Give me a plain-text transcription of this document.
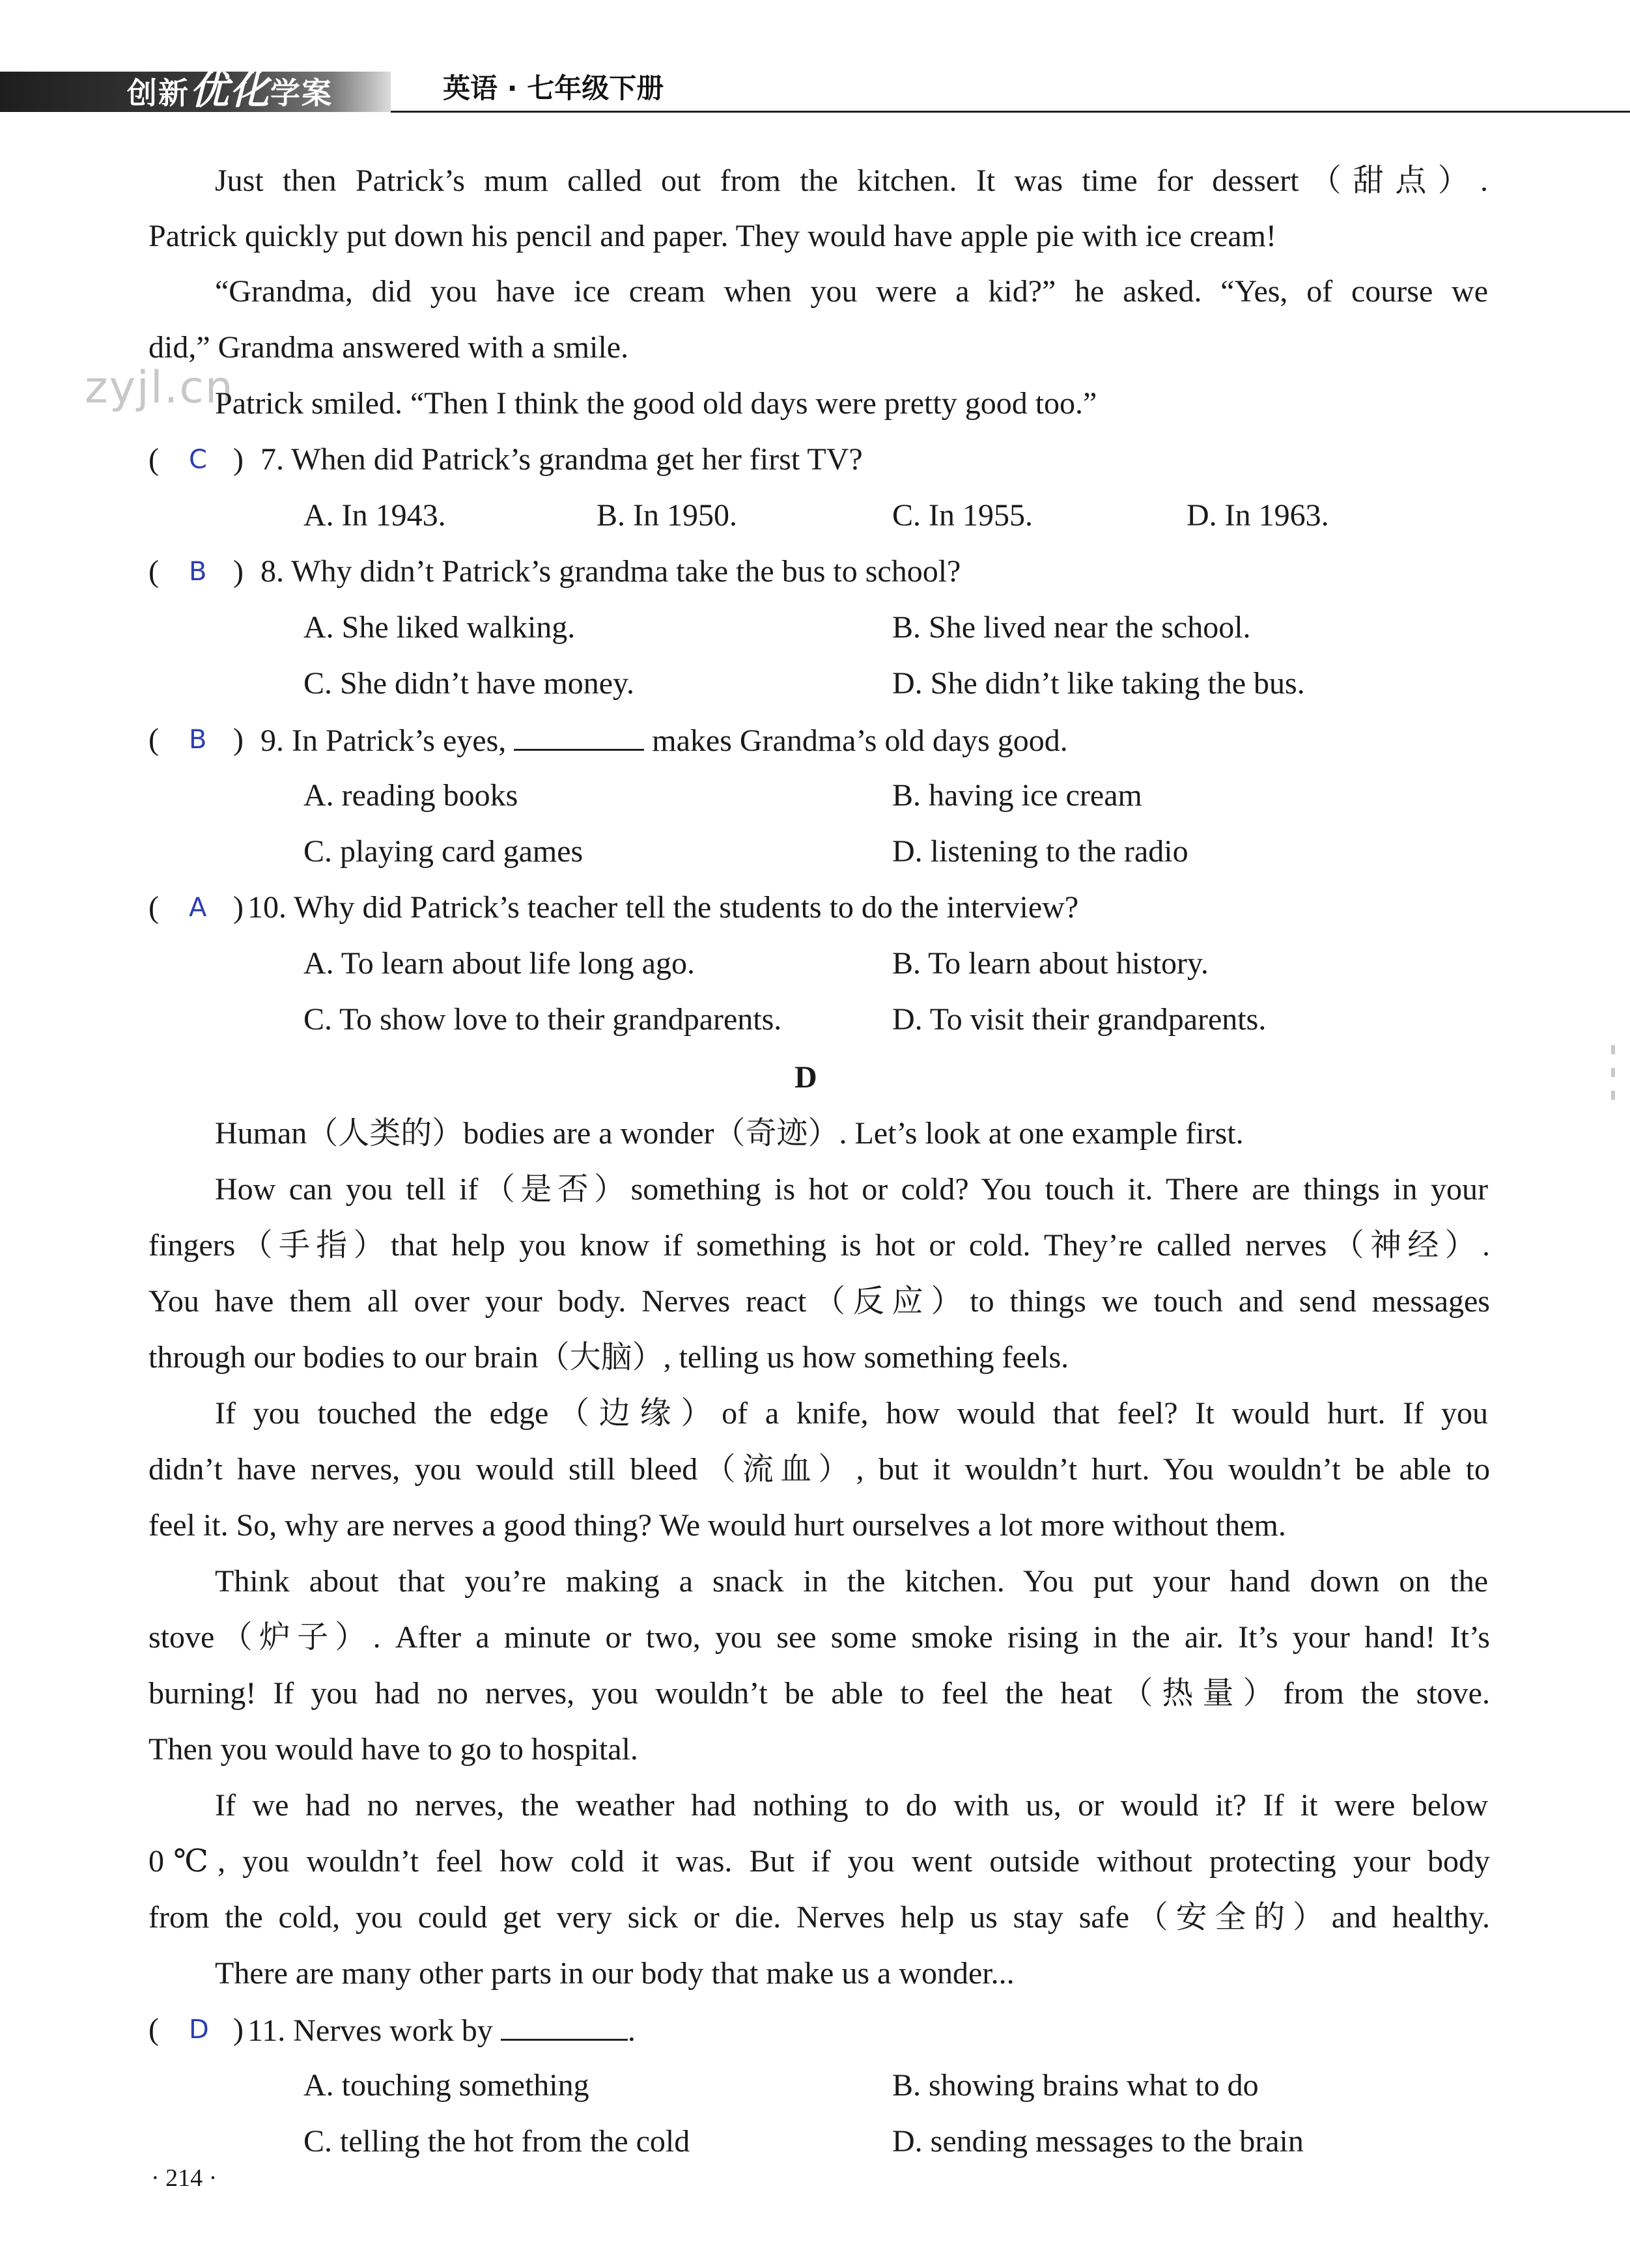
创新优化学案	英语 · 七年级下册
zyjl.cn
Just then Patrick’s mum called out from the kitchen. It was time for dessert（甜点）.
Patrick quickly put down his pencil and paper. They would have apple pie with ice cream!
“Grandma, did you have ice cream when you were a kid?” he asked. “Yes, of course we
did,” Grandma answered with a smile.
Patrick smiled. “Then I think the good old days were pretty good too.”
( C ) 7. When did Patrick’s grandma get her first TV?
A. In 1943.	B. In 1950.	C. In 1955.	D. In 1963.
( B ) 8. Why didn’t Patrick’s grandma take the bus to school?
A. She liked walking.	B. She lived near the school.
C. She didn’t have money.	D. She didn’t like taking the bus.
( B ) 9. In Patrick’s eyes,	makes Grandma’s old days good.
A. reading books	B. having ice cream
C. playing card games	D. listening to the radio
( A ) 10. Why did Patrick’s teacher tell the students to do the interview?
A. To learn about life long ago.	B. To learn about history.
C. To show love to their grandparents.	D. To visit their grandparents.
D
Human（人类的）bodies are a wonder（奇迹）. Let’s look at one example first.
How can you tell if（是否）something is hot or cold? You touch it. There are things in your
fingers（手指）that help you know if something is hot or cold. They’re called nerves（神经）.
You have them all over your body. Nerves react（反应）to things we touch and send messages
through our bodies to our brain（大脑）, telling us how something feels.
If you touched the edge（边缘）of a knife, how would that feel? It would hurt. If you
didn’t have nerves, you would still bleed（流血）, but it wouldn’t hurt. You wouldn’t be able to
feel it. So, why are nerves a good thing? We would hurt ourselves a lot more without them.
Think about that you’re making a snack in the kitchen. You put your hand down on the
stove（炉子）. After a minute or two, you see some smoke rising in the air. It’s your hand! It’s
burning! If you had no nerves, you wouldn’t be able to feel the heat（热量）from the stove.
Then you would have to go to hospital.
If we had no nerves, the weather had nothing to do with us, or would it? If it were below
0℃, you wouldn’t feel how cold it was. But if you went outside without protecting your body
from the cold, you could get very sick or die. Nerves help us stay safe（安全的）and healthy.
There are many other parts in our body that make us a wonder...
( D ) 11. Nerves work by	.
A. touching something	B. showing brains what to do
C. telling the hot from the cold	D. sending messages to the brain
· 214 ·
